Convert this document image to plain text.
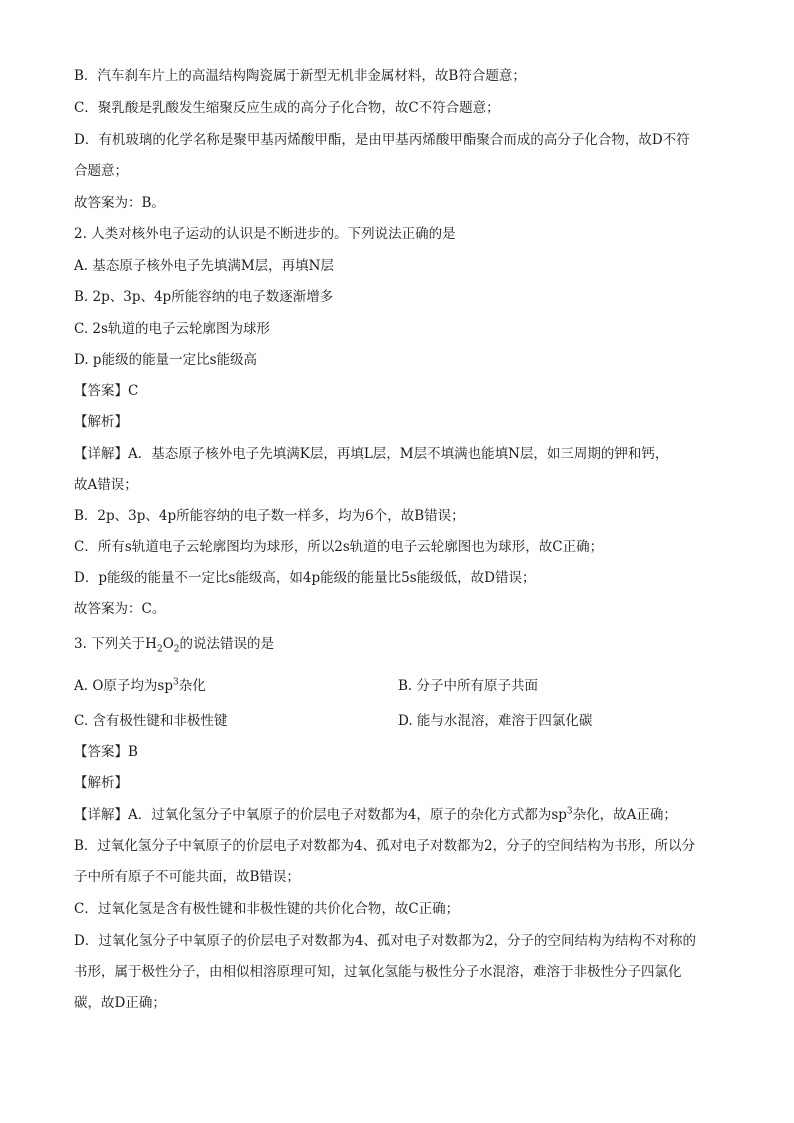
B．汽车刹车片上的高温结构陶瓷属于新型无机非金属材料，故B符合题意；
C．聚乳酸是乳酸发生缩聚反应生成的高分子化合物，故C不符合题意；
D．有机玻璃的化学名称是聚甲基丙烯酸甲酯，是由甲基丙烯酸甲酯聚合而成的高分子化合物，故D不符
合题意；
故答案为：B。
2. 人类对核外电子运动的认识是不断进步的。下列说法正确的是
A. 基态原子核外电子先填满M层，再填N层
B. 2p、3p、4p所能容纳的电子数逐渐增多
C. 2s轨道的电子云轮廓图为球形
D. p能级的能量一定比s能级高
【答案】C
【解析】
【详解】A．基态原子核外电子先填满K层，再填L层，M层不填满也能填N层，如三周期的钾和钙，
故A错误；
B．2p、3p、4p所能容纳的电子数一样多，均为6个，故B错误；
C．所有s轨道电子云轮廓图均为球形，所以2s轨道的电子云轮廓图也为球形，故C正确；
D．p能级的能量不一定比s能级高，如4p能级的能量比5s能级低，故D错误；
故答案为：C。
3. 下列关于$H_2O_2$的说法错误的是
A. O原子均为$sp^3$杂化	B. 分子中所有原子共面
C. 含有极性键和非极性键	D. 能与水混溶，难溶于四氯化碳
【答案】B
【解析】
【详解】A．过氧化氢分子中氧原子的价层电子对数都为4，原子的杂化方式都为$sp^3$杂化，故A正确；
B．过氧化氢分子中氧原子的价层电子对数都为4、孤对电子对数都为2，分子的空间结构为书形，所以分
子中所有原子不可能共面，故B错误；
C．过氧化氢是含有极性键和非极性键的共价化合物，故C正确；
D．过氧化氢分子中氧原子的价层电子对数都为4、孤对电子对数都为2，分子的空间结构为结构不对称的
书形，属于极性分子，由相似相溶原理可知，过氧化氢能与极性分子水混溶，难溶于非极性分子四氯化
碳，故D正确；
